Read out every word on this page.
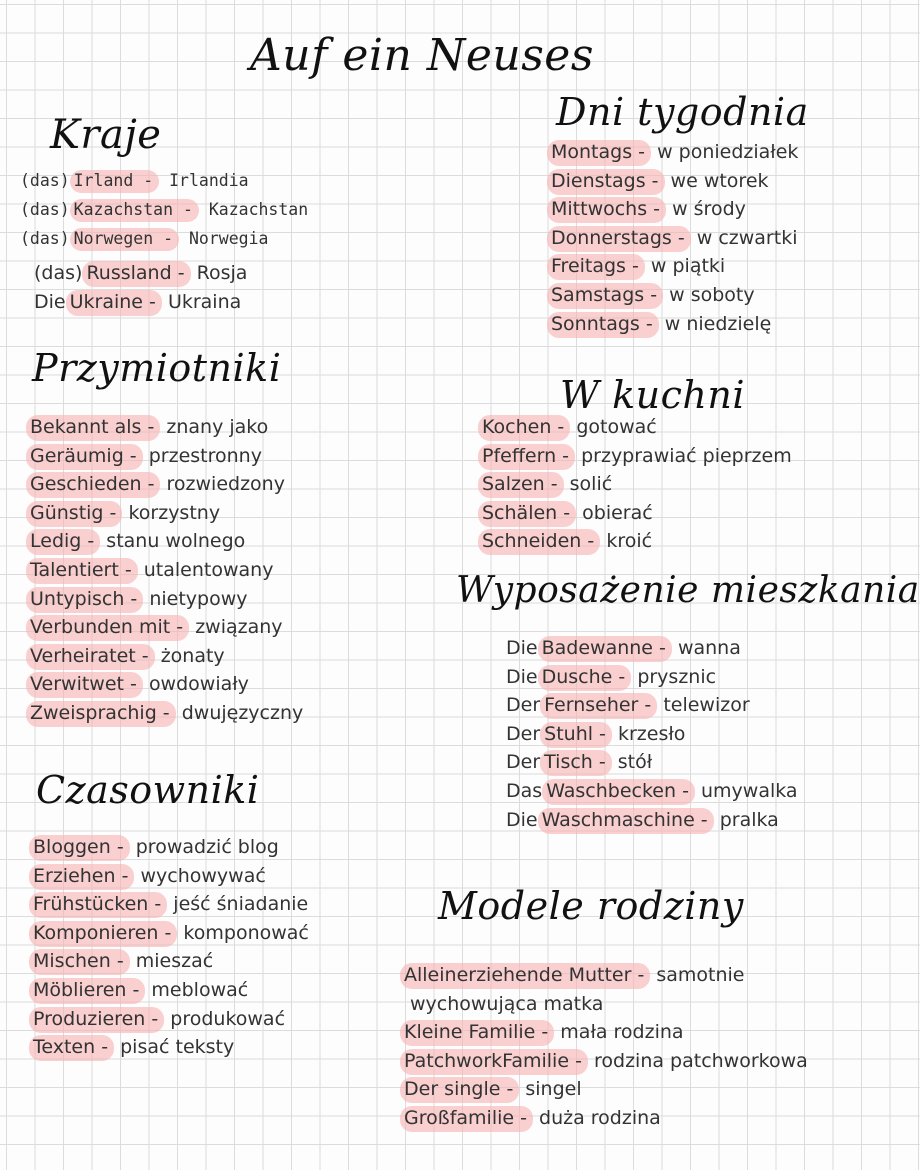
Auf ein Neuses
Kraje
(das) Irland - Irlandia
(das) Kazachstan - Kazachstan
(das) Norwegen - Norwegia
(das) Russland - Rosja
Die Ukraine - Ukraina
Przymiotniki
Bekannt als - znany jako
Geräumig - przestronny
Geschieden - rozwiedzony
Günstig - korzystny
Ledig - stanu wolnego
Talentiert - utalentowany
Untypisch - nietypowy
Verbunden mit - związany
Verheiratet - żonaty
Verwitwet - owdowiały
Zweisprachig - dwujęzyczny
Czasowniki
Bloggen - prowadzić blog
Erziehen - wychowywać
Frühstücken - jeść śniadanie
Komponieren - komponować
Mischen - mieszać
Möblieren - meblować
Produzieren - produkować
Texten - pisać teksty
Dni tygodnia
Montags - w poniedziałek
Dienstags - we wtorek
Mittwochs - w środy
Donnerstags - w czwartki
Freitags - w piątki
Samstags - w soboty
Sonntags - w niedzielę
W kuchni
Kochen - gotować
Pfeffern - przyprawiać pieprzem
Salzen - solić
Schälen - obierać
Schneiden - kroić
Wyposażenie mieszkania
Die Badewanne - wanna
Die Dusche - prysznic
Der Fernseher - telewizor
Der Stuhl - krzesło
Der Tisch - stół
Das Waschbecken - umywalka
Die Waschmaschine - pralka
Modele rodziny
Alleinerziehende Mutter - samotnie
wychowująca matka
Kleine Familie - mała rodzina
PatchworkFamilie - rodzina patchworkowa
Der single - singel
Großfamilie - duża rodzina
